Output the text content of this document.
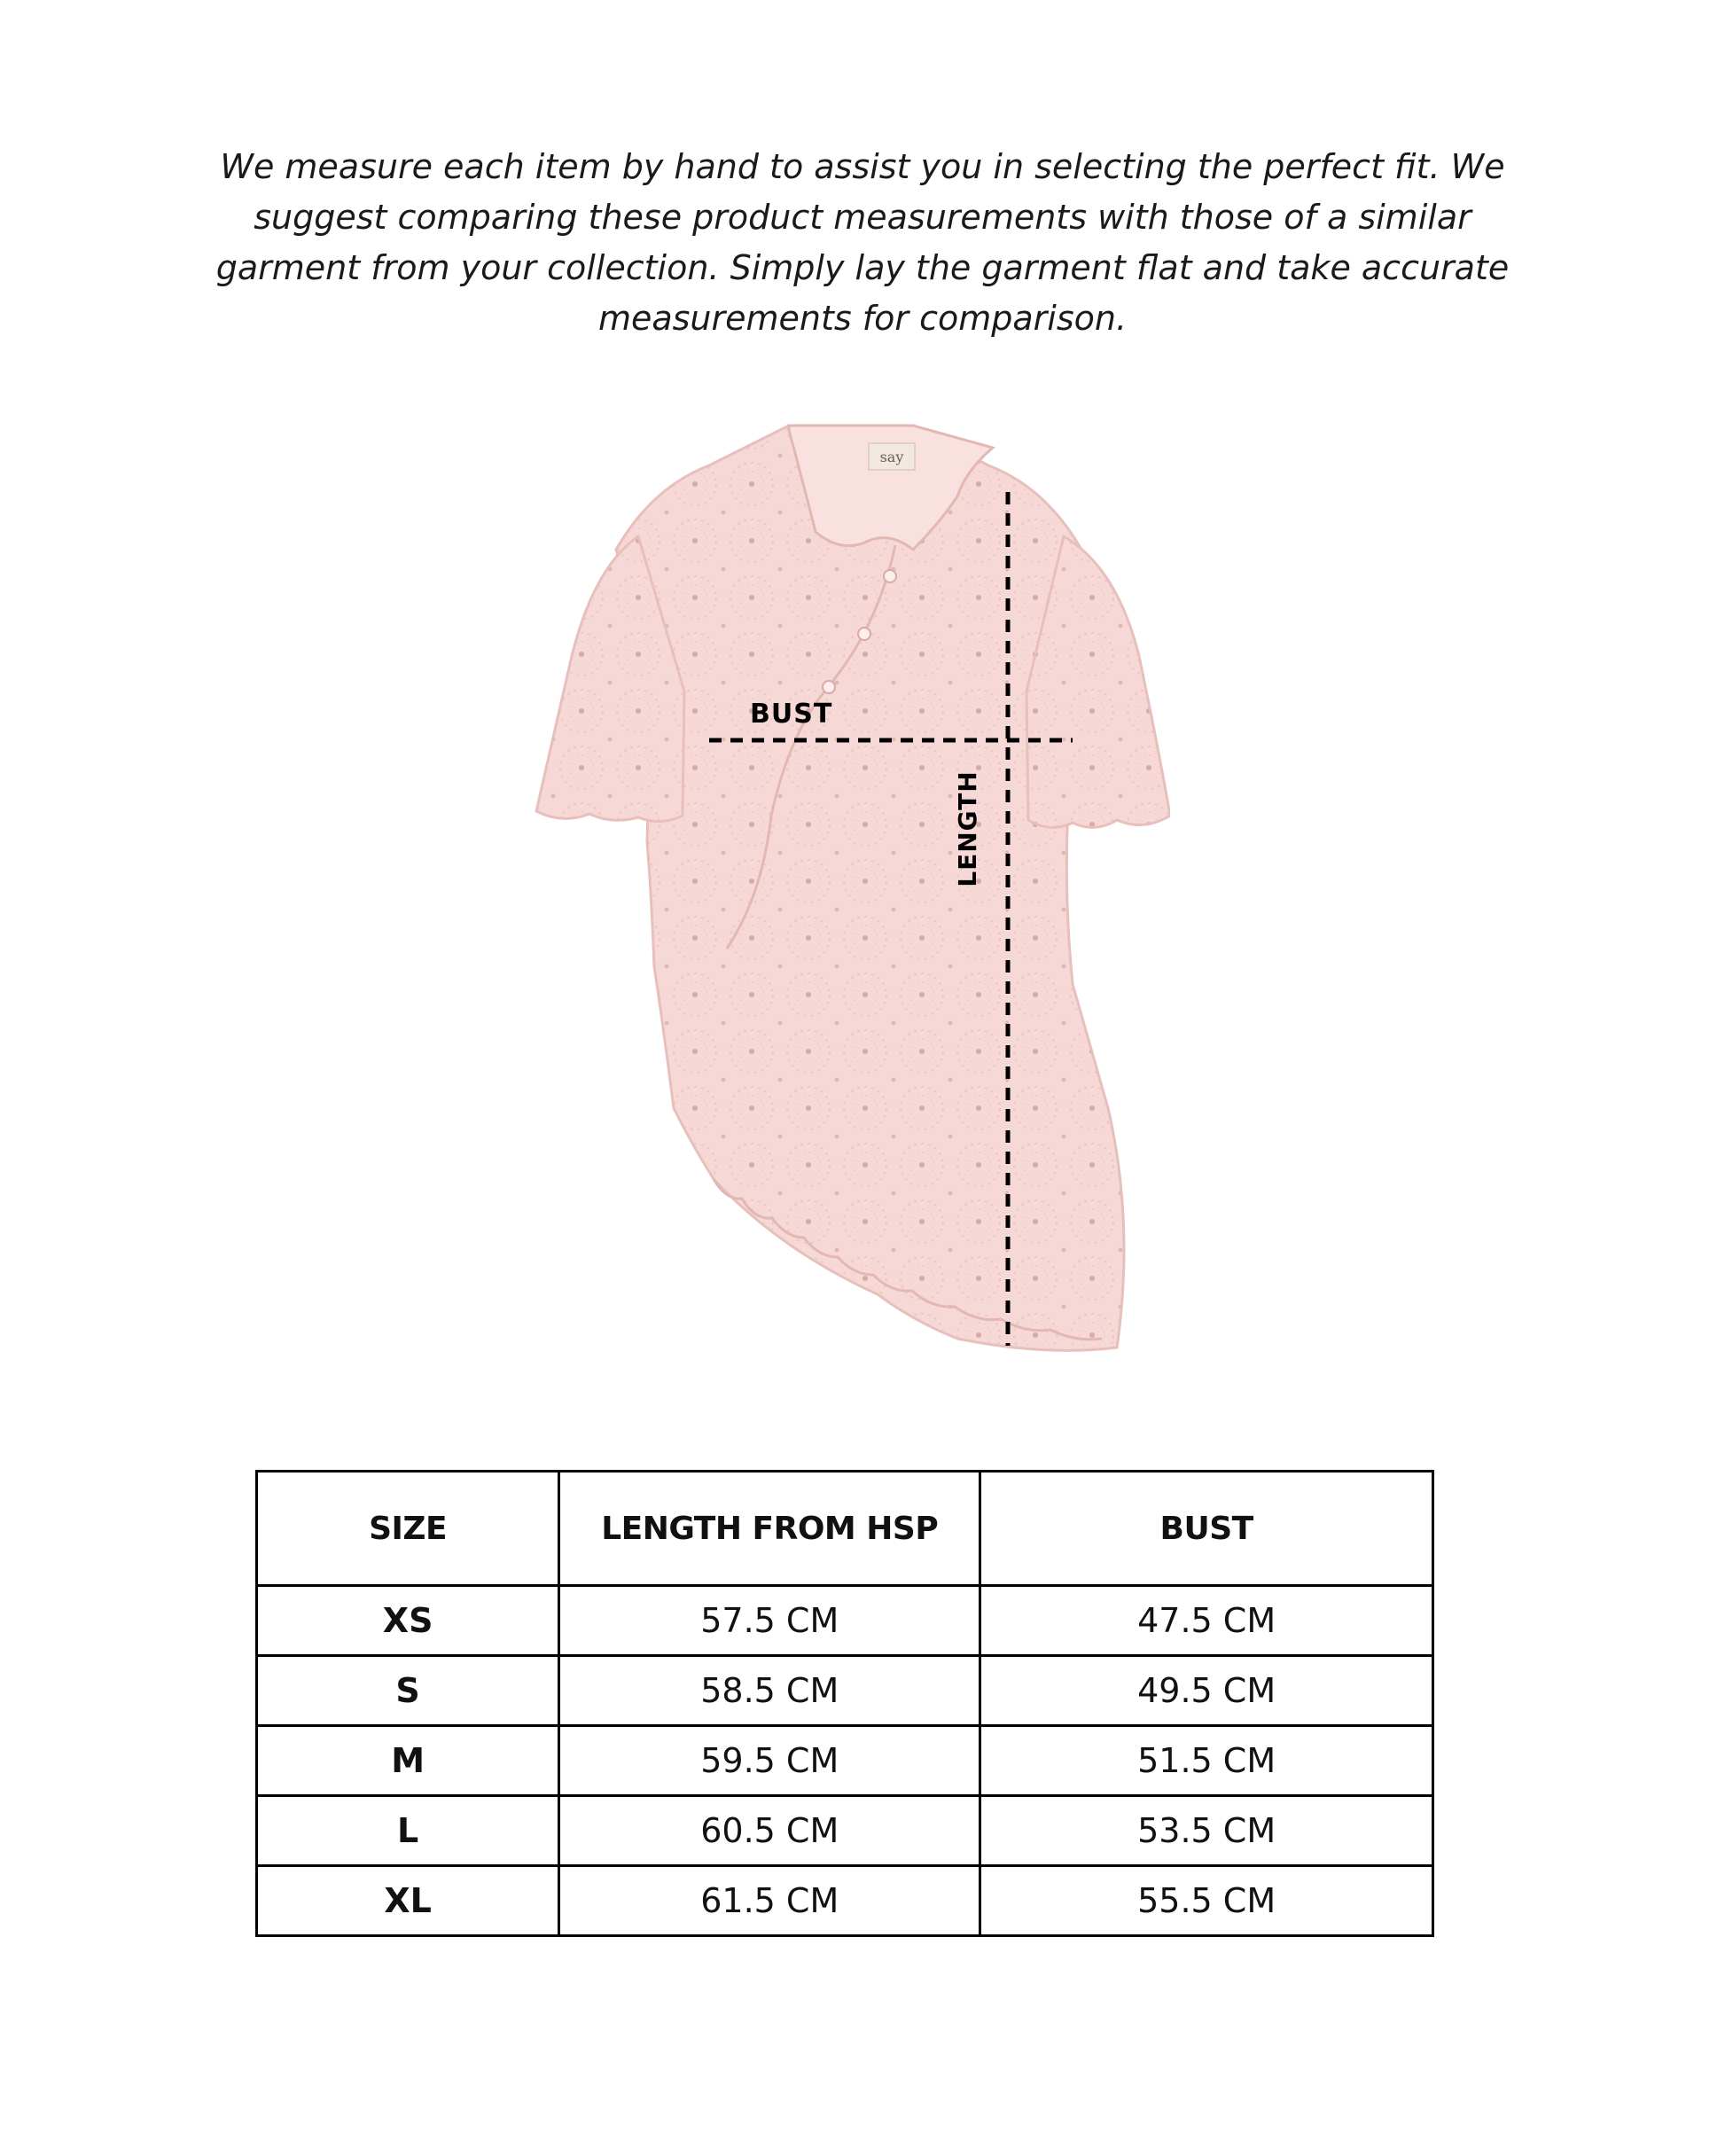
We measure each item by hand to assist you in selecting the perfect fit. We suggest comparing these product measurements with those of a similar garment from your collection. Simply lay the garment flat and take accurate measurements for comparison.

say
BUST
LENGTH
SIZE	LENGTH FROM HSP	BUST
XS	57.5 CM	47.5 CM
S	58.5 CM	49.5 CM
M	59.5 CM	51.5 CM
L	60.5 CM	53.5 CM
XL	61.5 CM	55.5 CM
